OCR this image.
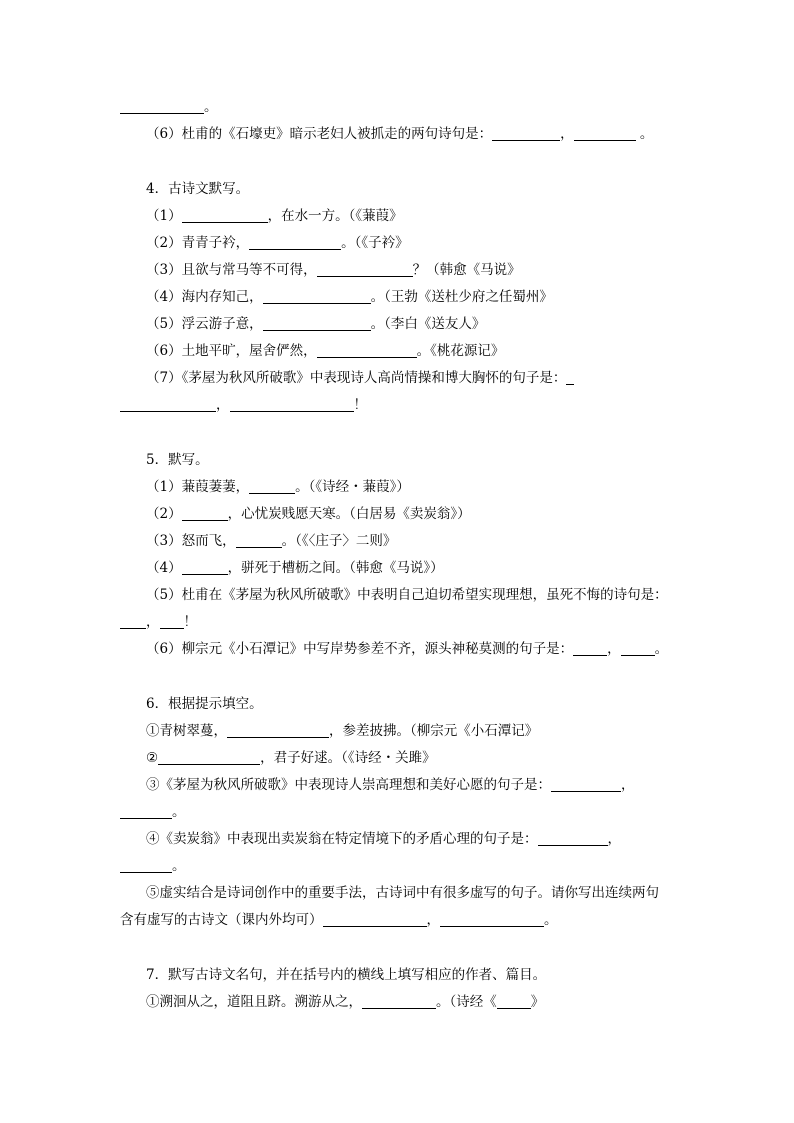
。
（6）杜甫的《石壕吏》暗示老妇人被抓走的两句诗句是：	，	。
4．古诗文默写。
（1）	，在水一方。（《蒹葭》
（2）青青子衿，	。（《子衿》
（3）且欲与常马等不可得，	？（韩愈《马说》
（4）海内存知己，	。（王勃《送杜少府之任蜀州》
（5）浮云游子意，	。（李白《送友人》
（6）土地平旷，屋舍俨然，	。《桃花源记》
（7）《茅屋为秋风所破歌》中表现诗人高尚情操和博大胸怀的句子是：
，	！
5．默写。
（1）蒹葭萋萋，	。（《诗经・蒹葭》）
（2）	，心忧炭贱愿天寒。（白居易《卖炭翁》）
（3）怒而飞，	。（《〈庄子〉二则》
（4）	，骈死于槽枥之间。（韩愈《马说》）
（5）杜甫在《茅屋为秋风所破歌》中表明自己迫切希望实现理想，虽死不悔的诗句是：
， ！
（6）柳宗元《小石潭记》中写岸势参差不齐，源头神秘莫测的句子是：	，	。
6．根据提示填空。
①青树翠蔓，	，参差披拂。（柳宗元《小石潭记》
②	，君子好逑。（《诗经・关雎》
③《茅屋为秋风所破歌》中表现诗人崇高理想和美好心愿的句子是：	，
。
④《卖炭翁》中表现出卖炭翁在特定情境下的矛盾心理的句子是：	，
。
⑤虚实结合是诗词创作中的重要手法，古诗词中有很多虚写的句子。请你写出连续两句
含有虚写的古诗文（课内外均可）	，	。
7．默写古诗文名句，并在括号内的横线上填写相应的作者、篇目。
①溯洄从之，道阻且跻。溯游从之，	。（诗经《	》
